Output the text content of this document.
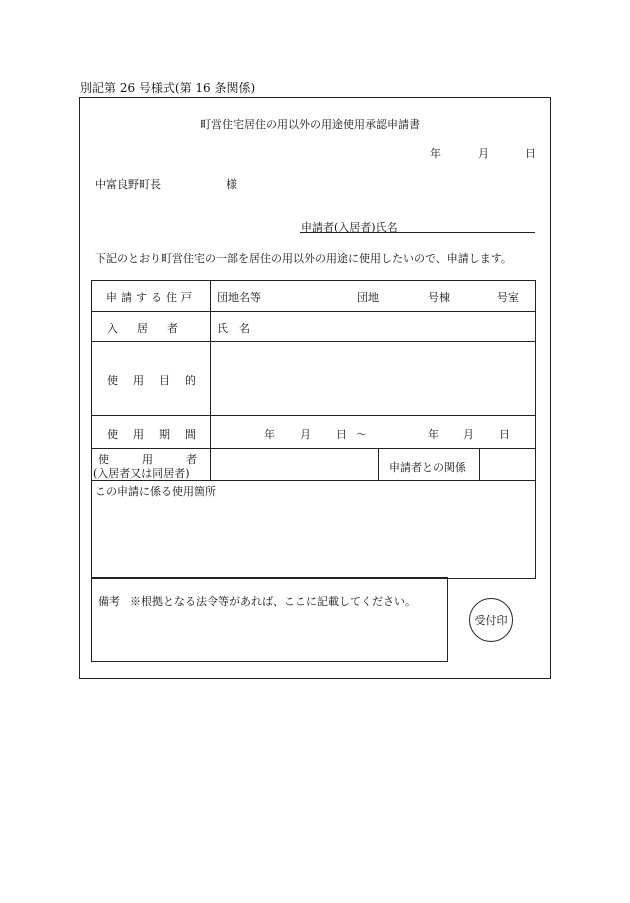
別記第 26 号様式(第 16 条関係)
町営住宅居住の用以外の用途使用承認申請書
年	月	日
中富良野町長	様
申請者(入居者)氏名
下記のとおり町営住宅の一部を居住の用以外の用途に使用したいので、申請します。
申請する住戸 団地名等	団地	号棟	号室
入　居　者	氏　名
使　用　目　的
使　用　期　間	年 月 日 ～	年 月 日
使　　　用　　　者
(入居者又は同居者)	申請者との関係
この申請に係る使用箇所
備考 ※根拠となる法令等があれば、ここに記載してください。
受付印
